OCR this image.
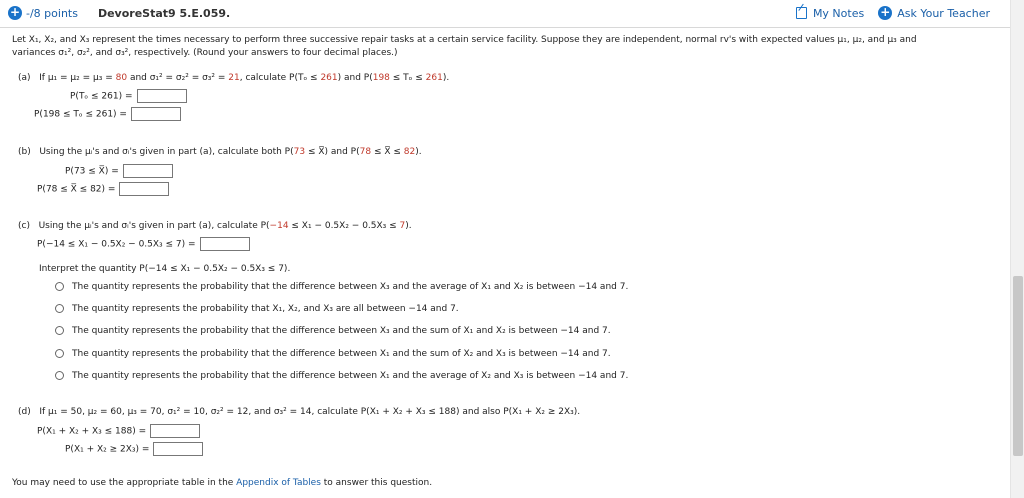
+ -/8 points DevoreStat9 5.E.059.	My Notes + Ask Your Teacher
Let X₁, X₂, and X₃ represent the times necessary to perform three successive repair tasks at a certain service facility. Suppose they are independent, normal rv's with expected values μ₁, μ₂, and μ₃ and
variances σ₁², σ₂², and σ₃², respectively. (Round your answers to four decimal places.)
(a) If μ₁ = μ₂ = μ₃ = 80 and σ₁² = σ₂² = σ₃² = 21, calculate P(Tₒ ≤ 261) and P(198 ≤ Tₒ ≤ 261).
P(Tₒ ≤ 261) =
P(198 ≤ Tₒ ≤ 261) =
(b) Using the μᵢ's and σᵢ's given in part (a), calculate both P(73 ≤ X̅) and P(78 ≤ X̅ ≤ 82).
P(73 ≤ X̅) =
P(78 ≤ X̅ ≤ 82) =
(c) Using the μᵢ's and σᵢ's given in part (a), calculate P(−14 ≤ X₁ − 0.5X₂ − 0.5X₃ ≤ 7).
P(−14 ≤ X₁ − 0.5X₂ − 0.5X₃ ≤ 7) =
Interpret the quantity P(−14 ≤ X₁ − 0.5X₂ − 0.5X₃ ≤ 7).
The quantity represents the probability that the difference between X₃ and the average of X₁ and X₂ is between −14 and 7.
The quantity represents the probability that X₁, X₂, and X₃ are all between −14 and 7.
The quantity represents the probability that the difference between X₃ and the sum of X₁ and X₂ is between −14 and 7.
The quantity represents the probability that the difference between X₁ and the sum of X₂ and X₃ is between −14 and 7.
The quantity represents the probability that the difference between X₁ and the average of X₂ and X₃ is between −14 and 7.
(d) If μ₁ = 50, μ₂ = 60, μ₃ = 70, σ₁² = 10, σ₂² = 12, and σ₃² = 14, calculate P(X₁ + X₂ + X₃ ≤ 188) and also P(X₁ + X₂ ≥ 2X₃).
P(X₁ + X₂ + X₃ ≤ 188) =
P(X₁ + X₂ ≥ 2X₃) =
You may need to use the appropriate table in the Appendix of Tables to answer this question.
